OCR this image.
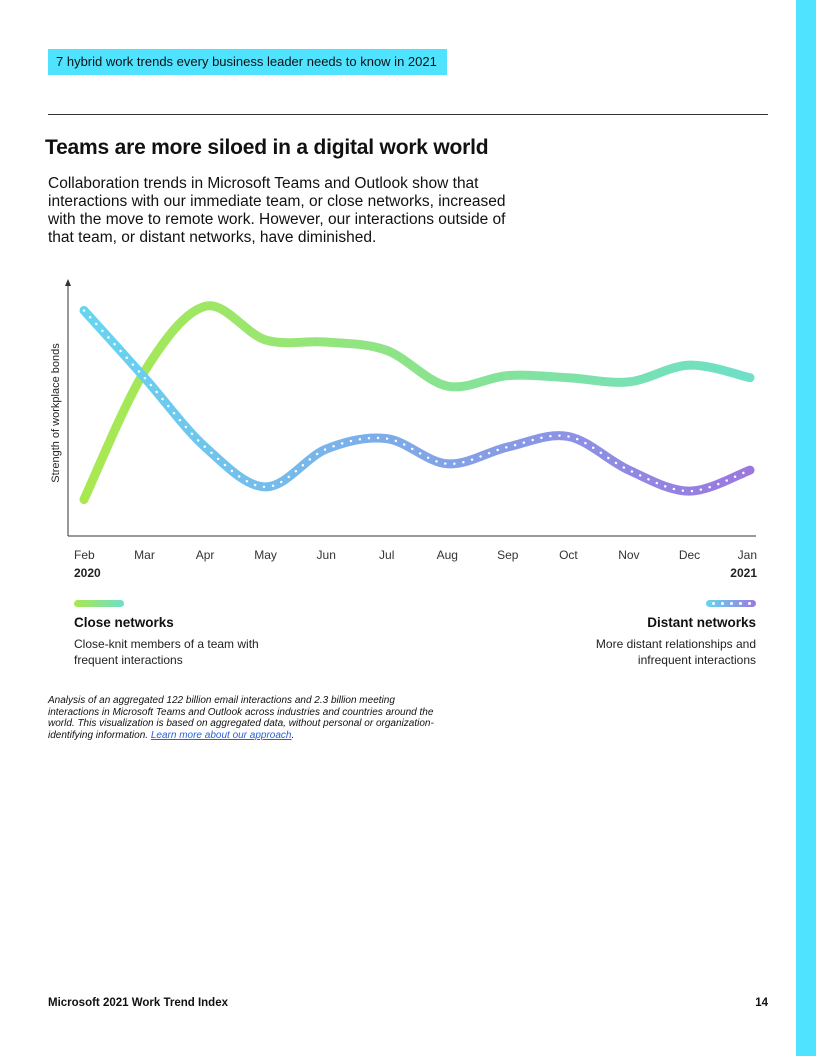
7 hybrid work trends every business leader needs to know in 2021
Teams are more siloed in a digital work world

Collaboration trends in Microsoft Teams and Outlook show that interactions with our immediate team, or close networks, increased with the move to remote work. However, our interactions outside of that team, or distant networks, have diminished.

Strength of workplace bonds
Feb	Mar	Apr	May	Jun	Jul	Aug	Sep	Oct	Nov	Dec	Jan
2020	2021

Close networks

Close-knit members of a team with frequent interactions

Distant networks

More distant relationships and infrequent interactions

Analysis of an aggregated 122 billion email interactions and 2.3 billion meeting interactions in Microsoft Teams and Outlook across industries and countries around the world. This visualization is based on aggregated data, without personal or organization-identifying information. Learn more about our approach.

Microsoft 2021 Work Trend Index	14
